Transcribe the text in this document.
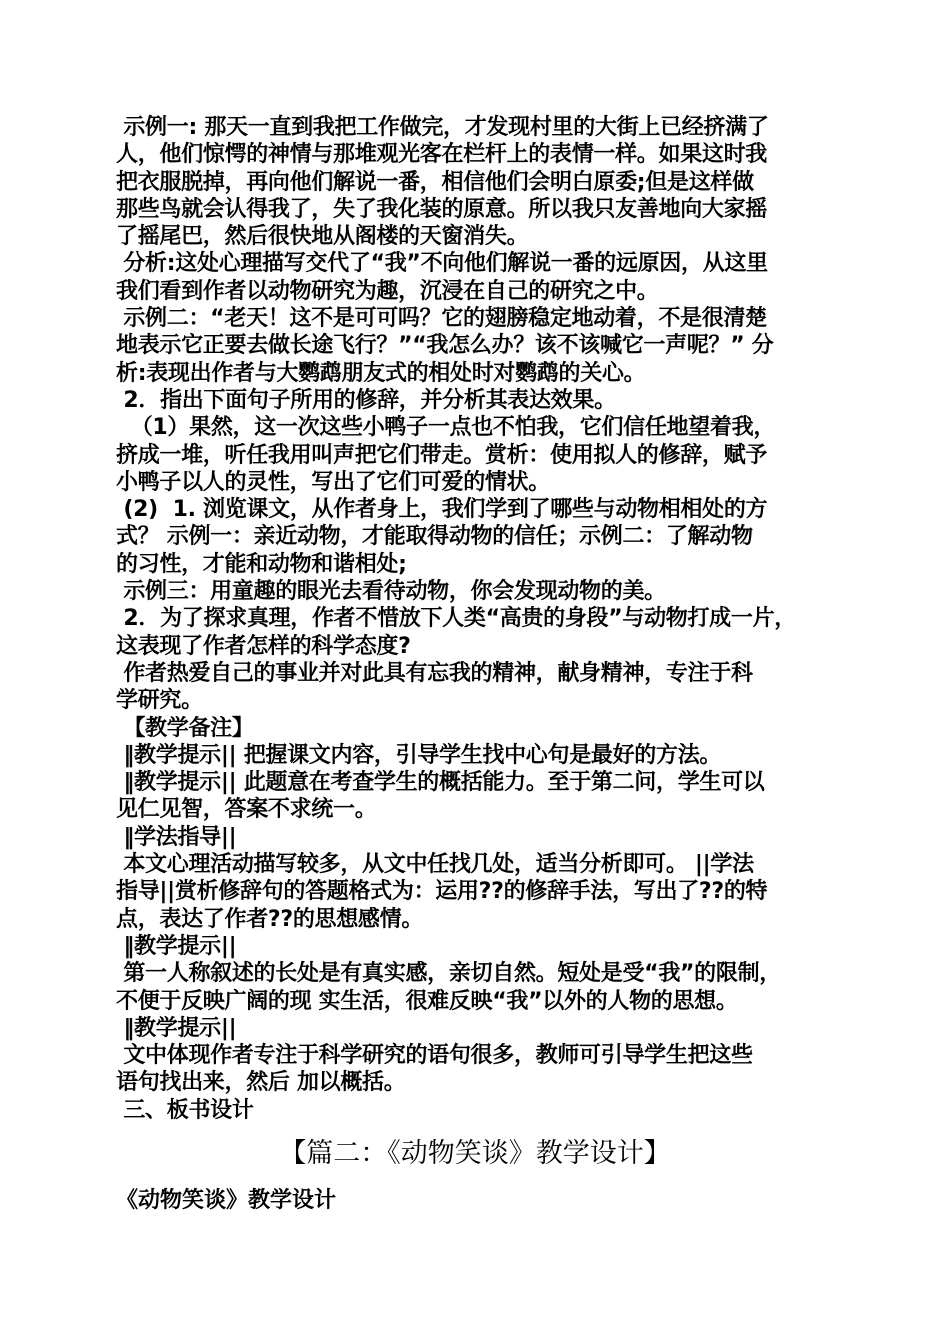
示例一: 那天一直到我把工作做完，才发现村里的大街上已经挤满了

人，他们惊愕的神情与那堆观光客在栏杆上的表情一样。如果这时我

把衣服脱掉，再向他们解说一番，相信他们会明白原委;但是这样做

那些鸟就会认得我了，失了我化装的原意。所以我只友善地向大家摇

了摇尾巴，然后很快地从阁楼的天窗消失。

分析:这处心理描写交代了“我”不向他们解说一番的远原因，从这里

我们看到作者以动物研究为趣，沉浸在自己的研究之中。

示例二：“老天！这不是可可吗？它的翅膀稳定地动着，不是很清楚

地表示它正要去做长途飞行？”“我怎么办？该不该喊它一声呢？” 分

析:表现出作者与大鹦鹉朋友式的相处时对鹦鹉的关心。

2．指出下面句子所用的修辞，并分析其表达效果。

（1）果然，这一次这些小鸭子一点也不怕我，它们信任地望着我，

挤成一堆，听任我用叫声把它们带走。赏析：使用拟人的修辞，赋予

小鸭子以人的灵性，写出了它们可爱的情状。

(2)  1. 浏览课文，从作者身上，我们学到了哪些与动物相相处的方

式？ 示例一：亲近动物，才能取得动物的信任；示例二：了解动物

的习性，才能和动物和谐相处;

示例三：用童趣的眼光去看待动物，你会发现动物的美。

2．为了探求真理，作者不惜放下人类“高贵的身段”与动物打成一片，

这表现了作者怎样的科学态度?

作者热爱自己的事业并对此具有忘我的精神，献身精神，专注于科

学研究。

【教学备注】

‖教学提示|| 把握课文内容，引导学生找中心句是最好的方法。

‖教学提示|| 此题意在考查学生的概括能力。至于第二问，学生可以

见仁见智，答案不求统一。

‖学法指导||

本文心理活动描写较多，从文中任找几处，适当分析即可。 ||学法

指导||赏析修辞句的答题格式为：运用??的修辞手法，写出了??的特

点，表达了作者??的思想感情。

‖教学提示||

第一人称叙述的长处是有真实感，亲切自然。短处是受“我”的限制，

不便于反映广阔的现 实生活，很难反映“我”以外的人物的思想。

‖教学提示||

文中体现作者专注于科学研究的语句很多，教师可引导学生把这些

语句找出来，然后 加以概括。

三、板书设计

【篇二：《动物笑谈》教学设计】
《动物笑谈》教学设计
